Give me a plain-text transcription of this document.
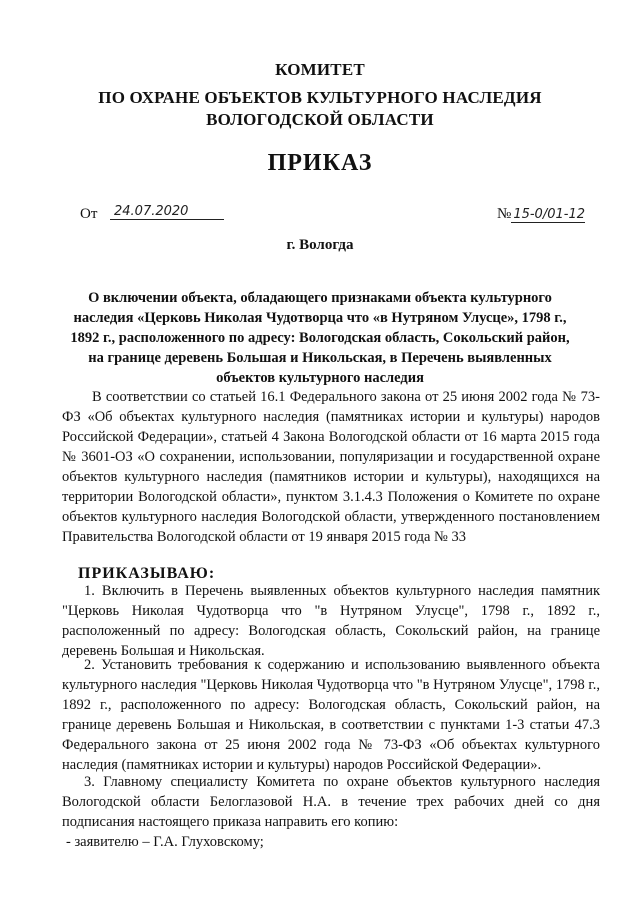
КОМИТЕТ
ПО ОХРАНЕ ОБЪЕКТОВ КУЛЬТУРНОГО НАСЛЕДИЯ
ВОЛОГОДСКОЙ ОБЛАСТИ
ПРИКАЗ
От	24.07.2020	№ 15-0/01-12
г. Вологда
О включении объекта, обладающего признаками объекта культурного наследия «Церковь Николая Чудотворца что «в Нутряном Улусце», 1798 г., 1892 г., расположенного по адресу: Вологодская область, Сокольский район, на границе деревень Большая и Никольская, в Перечень выявленных объектов культурного наследия
В соответствии со статьей 16.1 Федерального закона от 25 июня 2002 года № 73-ФЗ «Об объектах культурного наследия (памятниках истории и культуры) народов Российской Федерации», статьей 4 Закона Вологодской области от 16 марта 2015 года № 3601-ОЗ «О сохранении, использовании, популяризации и государственной охране объектов культурного наследия (памятников истории и культуры), находящихся на территории Вологодской области», пунктом 3.1.4.3 Положения о Комитете по охране объектов культурного наследия Вологодской области, утвержденного постановлением Правительства Вологодской области от 19 января 2015 года № 33
ПРИКАЗЫВАЮ:
1. Включить в Перечень выявленных объектов культурного наследия памятник "Церковь Николая Чудотворца что "в Нутряном Улусце", 1798 г., 1892 г., расположенный по адресу: Вологодская область, Сокольский район, на границе деревень Большая и Никольская.
2. Установить требования к содержанию и использованию выявленного объекта культурного наследия "Церковь Николая Чудотворца что "в Нутряном Улусце", 1798 г., 1892 г., расположенного по адресу: Вологодская область, Сокольский район, на границе деревень Большая и Никольская, в соответствии с пунктами 1-3 статьи 47.3 Федерального закона от 25 июня 2002 года № 73-ФЗ «Об объектах культурного наследия (памятниках истории и культуры) народов Российской Федерации».
3. Главному специалисту Комитета по охране объектов культурного наследия Вологодской области Белоглазовой Н.А. в течение трех рабочих дней со дня подписания настоящего приказа направить его копию:
- заявителю – Г.А. Глуховскому;
